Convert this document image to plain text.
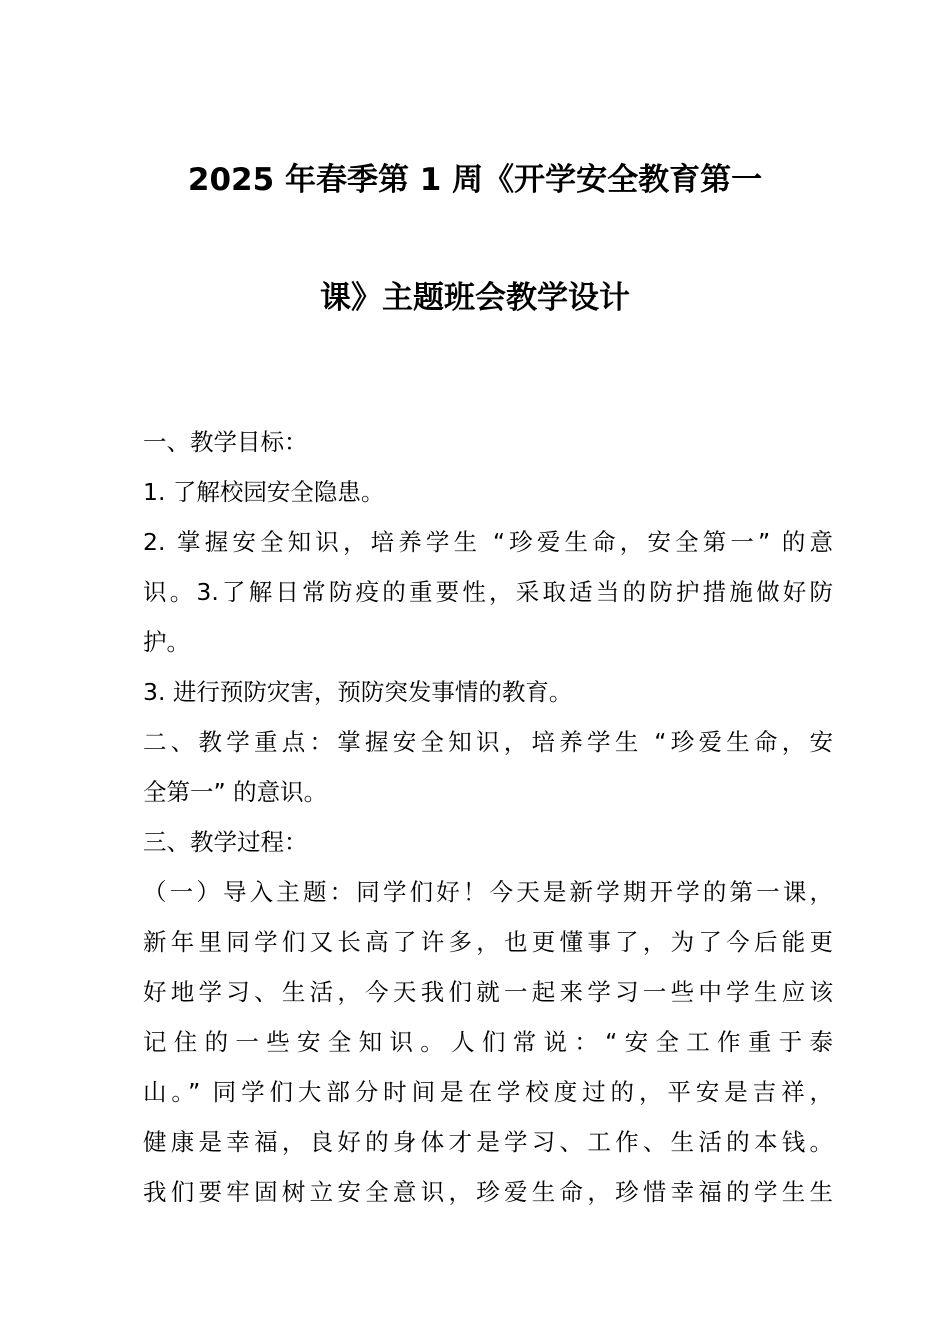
2025 年春季第 1 周《开学安全教育第一
课》主题班会教学设计
一、教学目标：
1. 了解校园安全隐患。
2. 掌握安全知识，培养学生 “珍爱生命，安全第一” 的意
识。3.了解日常防疫的重要性，采取适当的防护措施做好防
护。
3. 进行预防灾害，预防突发事情的教育。
二、教学重点：掌握安全知识，培养学生 “珍爱生命，安
全第一” 的意识。
三、教学过程：
（一）导入主题：同学们好！今天是新学期开学的第一课，
新年里同学们又长高了许多，也更懂事了，为了今后能更
好地学习、生活，今天我们就一起来学习一些中学生应该
记住的一些安全知识。人们常说：“安全工作重于泰
山。” 同学们大部分时间是在学校度过的，平安是吉祥，
健康是幸福，良好的身体才是学习、工作、生活的本钱。
我们要牢固树立安全意识，珍爱生命，珍惜幸福的学生生
